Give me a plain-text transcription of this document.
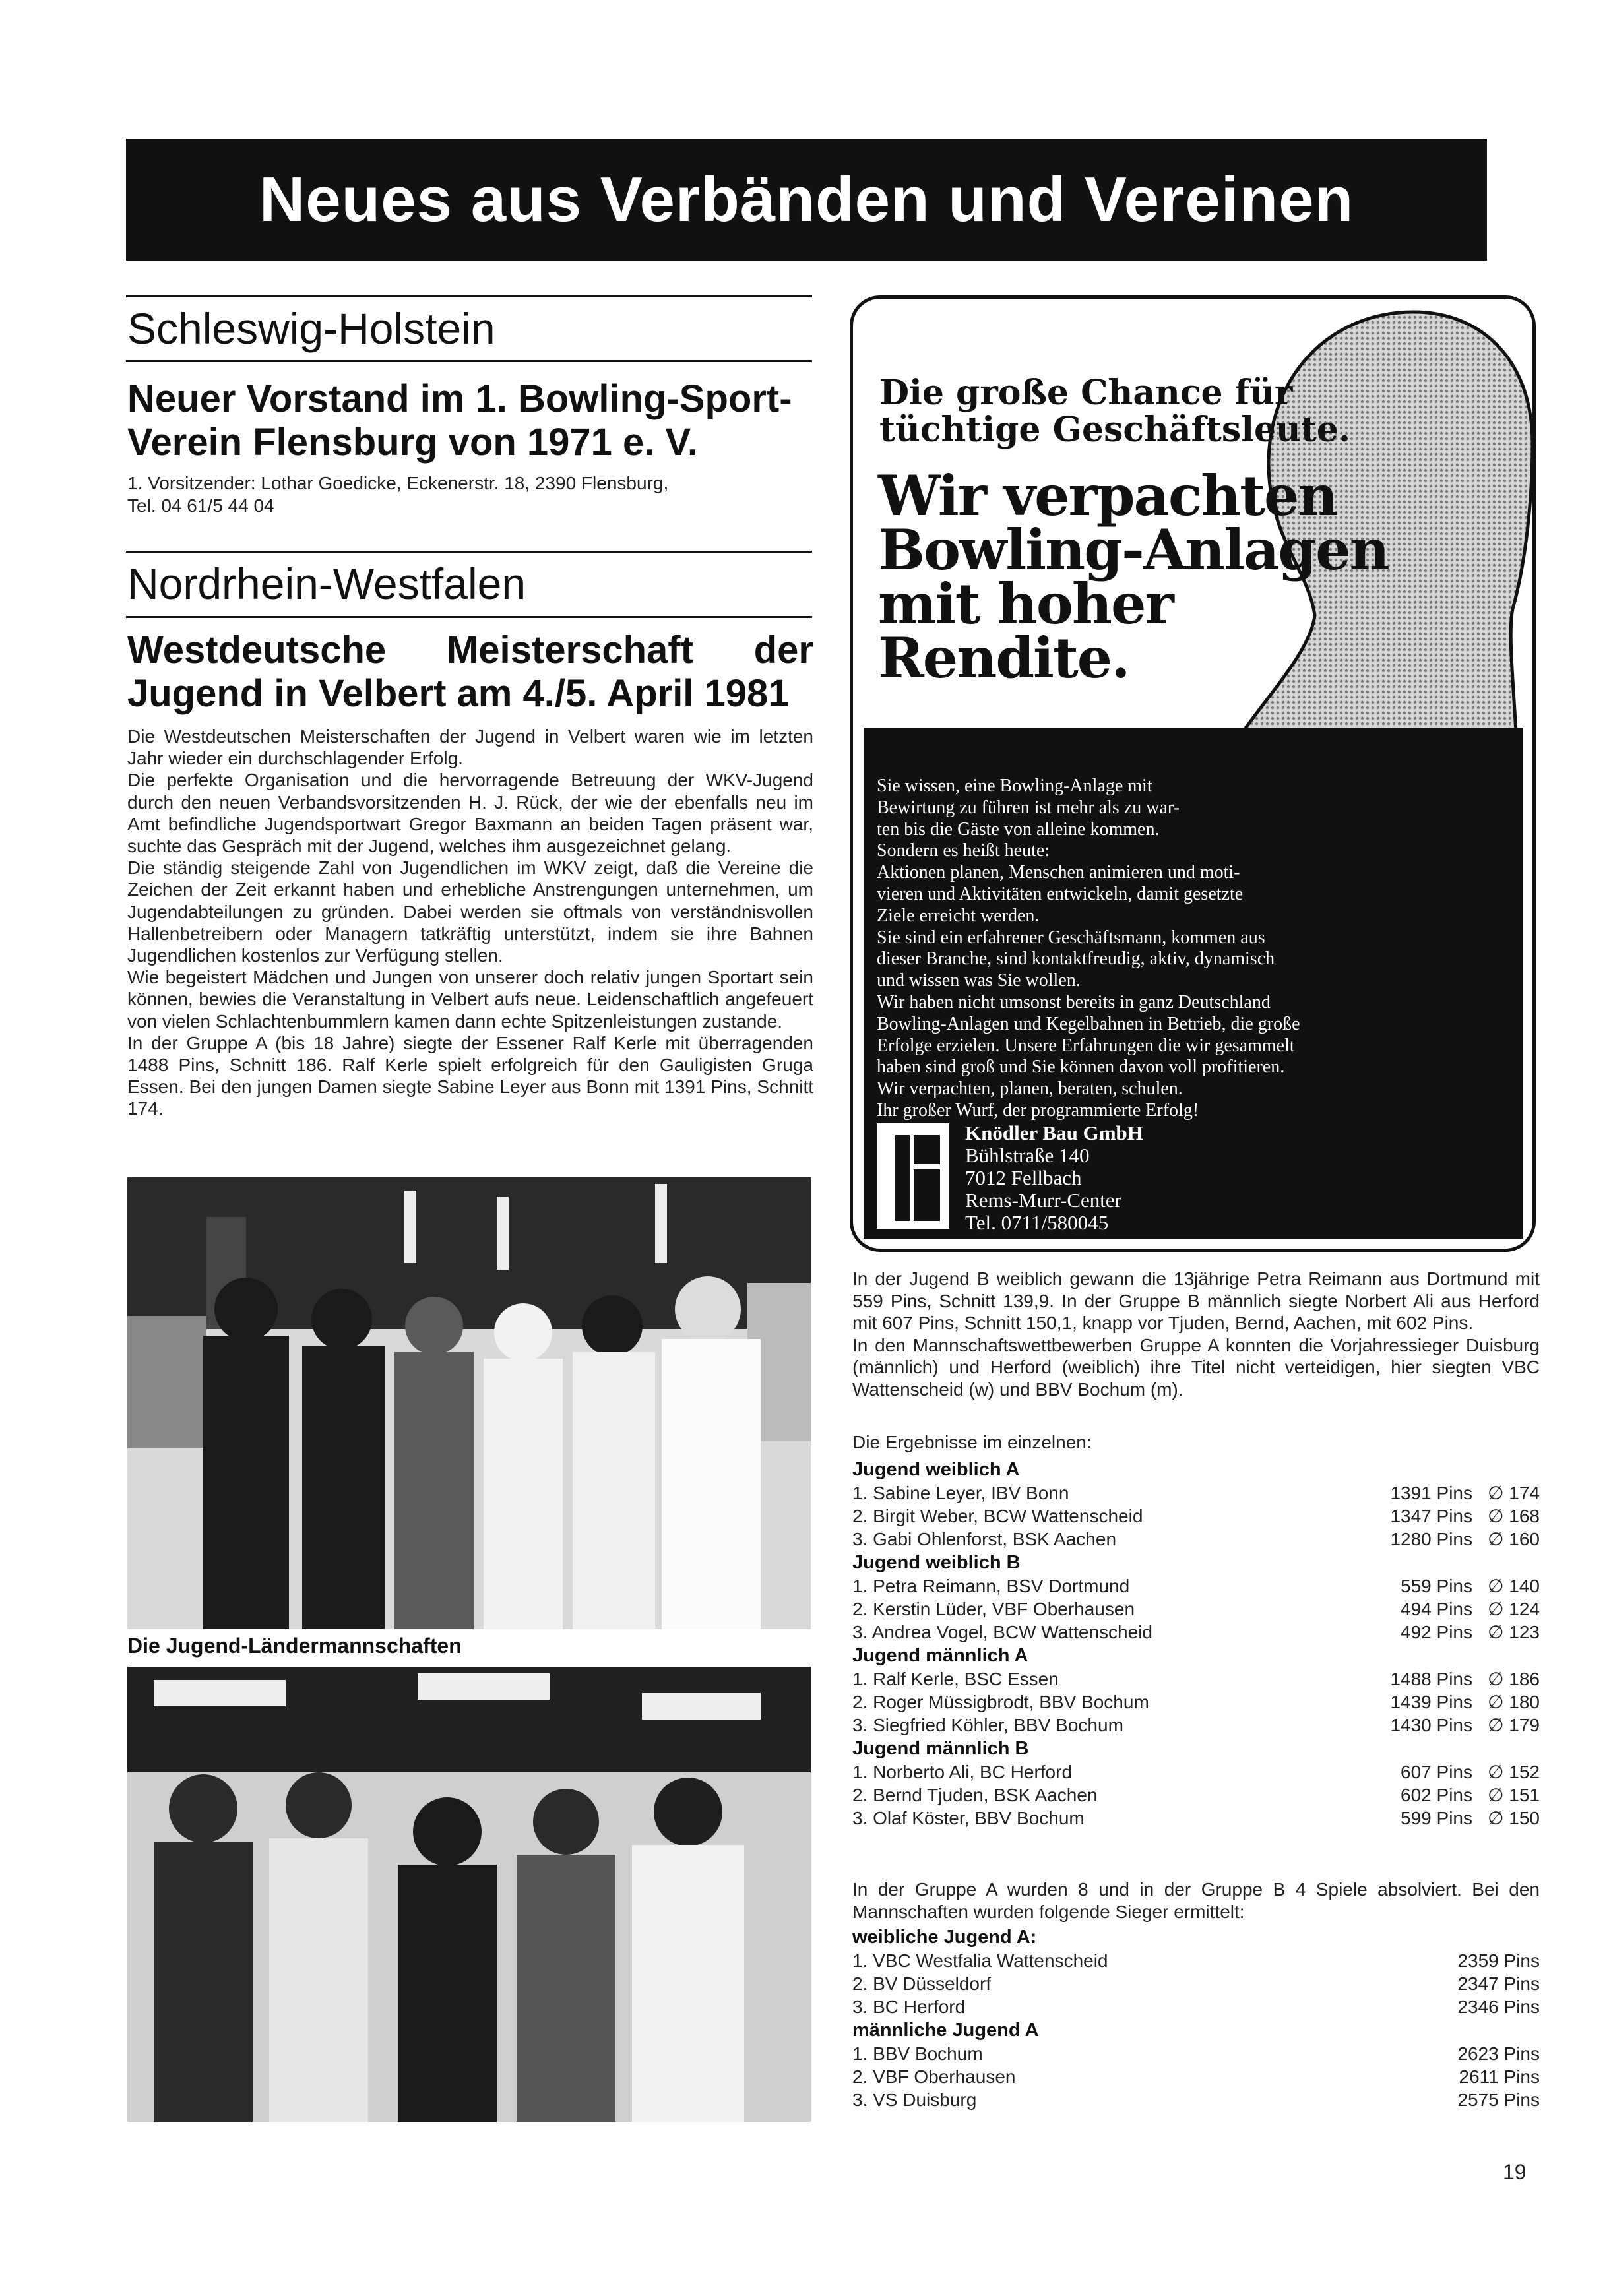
Neues aus Verbänden und Vereinen
Schleswig-Holstein
Neuer Vorstand im 1. Bowling-Sport-Verein Flensburg von 1971 e. V.
1. Vorsitzender: Lothar Goedicke, Eckenerstr. 18, 2390 Flensburg,
Tel. 04 61/5 44 04
Nordrhein-Westfalen
Westdeutsche Meisterschaft der Jugend in Velbert am 4./5. April 1981

Die Westdeutschen Meisterschaften der Jugend in Velbert waren wie im letzten Jahr wieder ein durchschlagender Erfolg.

Die perfekte Organisation und die hervorragende Betreuung der WKV-Jugend durch den neuen Verbandsvorsitzenden H. J. Rück, der wie der ebenfalls neu im Amt befindliche Jugendsportwart Gregor Baxmann an beiden Tagen präsent war, suchte das Gespräch mit der Jugend, welches ihm ausgezeichnet gelang.

Die ständig steigende Zahl von Jugendlichen im WKV zeigt, daß die Vereine die Zeichen der Zeit erkannt haben und erhebliche Anstrengungen unternehmen, um Jugendabteilungen zu gründen. Dabei werden sie oftmals von verständnisvollen Hallenbetreibern oder Managern tatkräftig unterstützt, indem sie ihre Bahnen Jugendlichen kostenlos zur Verfügung stellen.

Wie begeistert Mädchen und Jungen von unserer doch relativ jungen Sportart sein können, bewies die Veranstaltung in Velbert aufs neue. Leidenschaftlich angefeuert von vielen Schlachtenbummlern kamen dann echte Spitzenleistungen zustande.

In der Gruppe A (bis 18 Jahre) siegte der Essener Ralf Kerle mit überragenden 1488 Pins, Schnitt 186. Ralf Kerle spielt erfolgreich für den Gauligisten Gruga Essen. Bei den jungen Damen siegte Sabine Leyer aus Bonn mit 1391 Pins, Schnitt 174.

Die Jugend-Ländermannschaften
Die große Chance für
tüchtige Geschäftsleute.
Wir verpachten
Bowling-Anlagen
mit hoher
Rendite.

Sie wissen, eine Bowling-Anlage mit

Bewirtung zu führen ist mehr als zu war-

ten bis die Gäste von alleine kommen.

Sondern es heißt heute:

Aktionen planen, Menschen animieren und moti-

vieren und Aktivitäten entwickeln, damit gesetzte

Ziele erreicht werden.

Sie sind ein erfahrener Geschäftsmann, kommen aus

dieser Branche, sind kontaktfreudig, aktiv, dynamisch

und wissen was Sie wollen.

Wir haben nicht umsonst bereits in ganz Deutschland

Bowling-Anlagen und Kegelbahnen in Betrieb, die große

Erfolge erzielen. Unsere Erfahrungen die wir gesammelt

haben sind groß und Sie können davon voll profitieren.

Wir verpachten, planen, beraten, schulen.

Ihr großer Wurf, der programmierte Erfolg!

Knödler Bau GmbH
Bühlstraße 140
7012 Fellbach
Rems-Murr-Center
Tel. 0711/580045

In der Jugend B weiblich gewann die 13jährige Petra Reimann aus Dortmund mit 559 Pins, Schnitt 139,9. In der Gruppe B männlich siegte Norbert Ali aus Herford mit 607 Pins, Schnitt 150,1, knapp vor Tjuden, Bernd, Aachen, mit 602 Pins.

In den Mannschaftswettbewerben Gruppe A konnten die Vorjahressieger Duisburg (männlich) und Herford (weiblich) ihre Titel nicht verteidigen, hier siegten VBC Wattenscheid (w) und BBV Bochum (m).

Die Ergebnisse im einzelnen:
Jugend weiblich A
1. Sabine Leyer, IBV Bonn	1391 Pins ∅ 174
2. Birgit Weber, BCW Wattenscheid	1347 Pins ∅ 168
3. Gabi Ohlenforst, BSK Aachen	1280 Pins ∅ 160
Jugend weiblich B
1. Petra Reimann, BSV Dortmund	559 Pins ∅ 140
2. Kerstin Lüder, VBF Oberhausen	494 Pins ∅ 124
3. Andrea Vogel, BCW Wattenscheid	492 Pins ∅ 123
Jugend männlich A
1. Ralf Kerle, BSC Essen	1488 Pins ∅ 186
2. Roger Müssigbrodt, BBV Bochum	1439 Pins ∅ 180
3. Siegfried Köhler, BBV Bochum	1430 Pins ∅ 179
Jugend männlich B
1. Norberto Ali, BC Herford	607 Pins ∅ 152
2. Bernd Tjuden, BSK Aachen	602 Pins ∅ 151
3. Olaf Köster, BBV Bochum	599 Pins ∅ 150
In der Gruppe A wurden 8 und in der Gruppe B 4 Spiele absolviert. Bei den Mannschaften wurden folgende Sieger ermittelt:
weibliche Jugend A:
1. VBC Westfalia Wattenscheid	2359 Pins
2. BV Düsseldorf	2347 Pins
3. BC Herford	2346 Pins
männliche Jugend A
1. BBV Bochum	2623 Pins
2. VBF Oberhausen	2611 Pins
3. VS Duisburg	2575 Pins
19
